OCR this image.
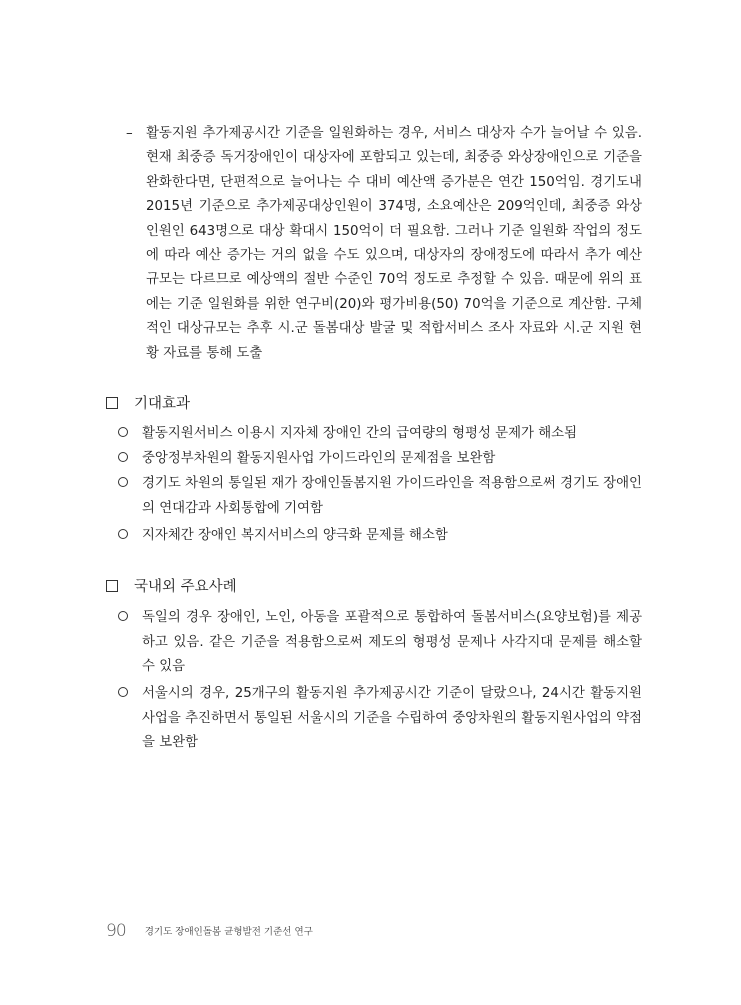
– 활동지원 추가제공시간 기준을 일원화하는 경우, 서비스 대상자 수가 늘어날 수 있음. 현재 최중증 독거장애인이 대상자에 포함되고 있는데, 최중증 와상장애인으로 기준을 완화한다면, 단편적으로 늘어나는 수 대비 예산액 증가분은 연간 150억임. 경기도내 2015년 기준으로 추가제공대상인원이 374명, 소요예산은 209억인데, 최중증 와상인원인 643명으로 대상 확대시 150억이 더 필요함. 그러나 기준 일원화 작업의 정도에 따라 예산 증가는 거의 없을 수도 있으며, 대상자의 장애정도에 따라서 추가 예산 규모는 다르므로 예상액의 절반 수준인 70억 정도로 추정할 수 있음. 때문에 위의 표에는 기준 일원화를 위한 연구비(20)와 평가비용(50) 70억을 기준으로 계산함. 구체적인 대상규모는 추후 시.군 돌봄대상 발굴 및 적합서비스 조사 자료와 시.군 지원 현황 자료를 통해 도출
기대효과
활동지원서비스 이용시 지자체 장애인 간의 급여량의 형평성 문제가 해소됨
중앙정부차원의 활동지원사업 가이드라인의 문제점을 보완함
경기도 차원의 통일된 재가 장애인돌봄지원 가이드라인을 적용함으로써 경기도 장애인의 연대감과 사회통합에 기여함
지자체간 장애인 복지서비스의 양극화 문제를 해소함
국내외 주요사례
독일의 경우 장애인, 노인, 아동을 포괄적으로 통합하여 돌봄서비스(요양보험)를 제공하고 있음. 같은 기준을 적용함으로써 제도의 형평성 문제나 사각지대 문제를 해소할 수 있음
서울시의 경우, 25개구의 활동지원 추가제공시간 기준이 달랐으나, 24시간 활동지원사업을 추진하면서 통일된 서울시의 기준을 수립하여 중앙차원의 활동지원사업의 약점을 보완함
90 경기도 장애인돌봄 균형발전 기준선 연구
